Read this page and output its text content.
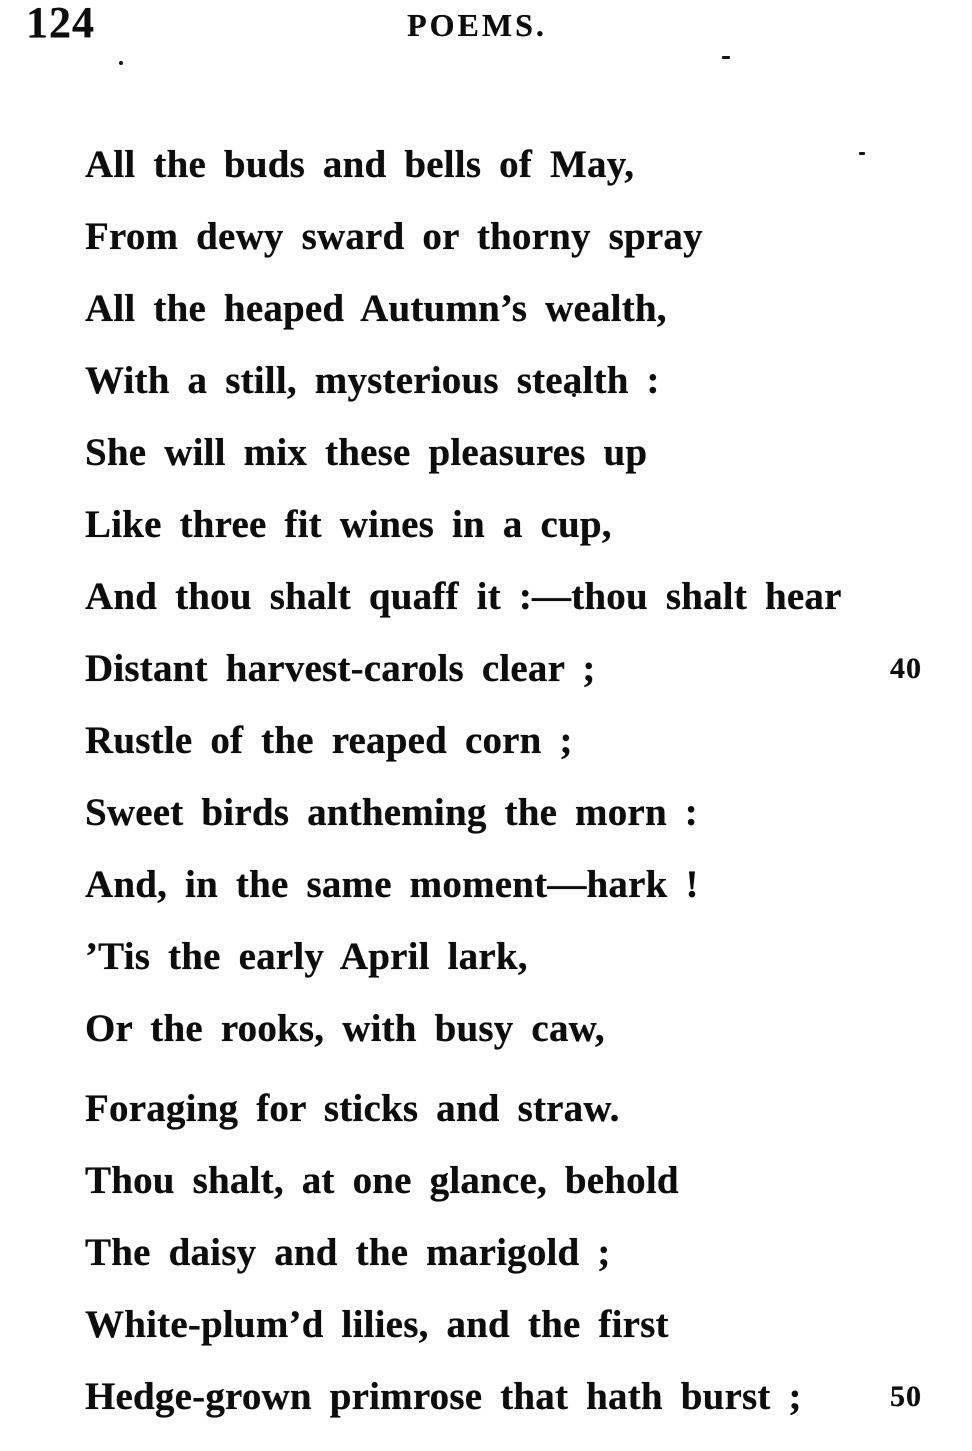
124	POEMS.
All the buds and bells of May,
From dewy sward or thorny spray
All the heaped Autumn’s wealth,
With a still, mysterious stealth :
She will mix these pleasures up
Like three fit wines in a cup,
And thou shalt quaff it :—thou shalt hear
Distant harvest-carols clear ;	40
Rustle of the reaped corn ;
Sweet birds antheming the morn :
And, in the same moment—hark !
’Tis the early April lark,
Or the rooks, with busy caw,
Foraging for sticks and straw.
Thou shalt, at one glance, behold
The daisy and the marigold ;
White-plum’d lilies, and the first
Hedge-grown primrose that hath burst ;	50
